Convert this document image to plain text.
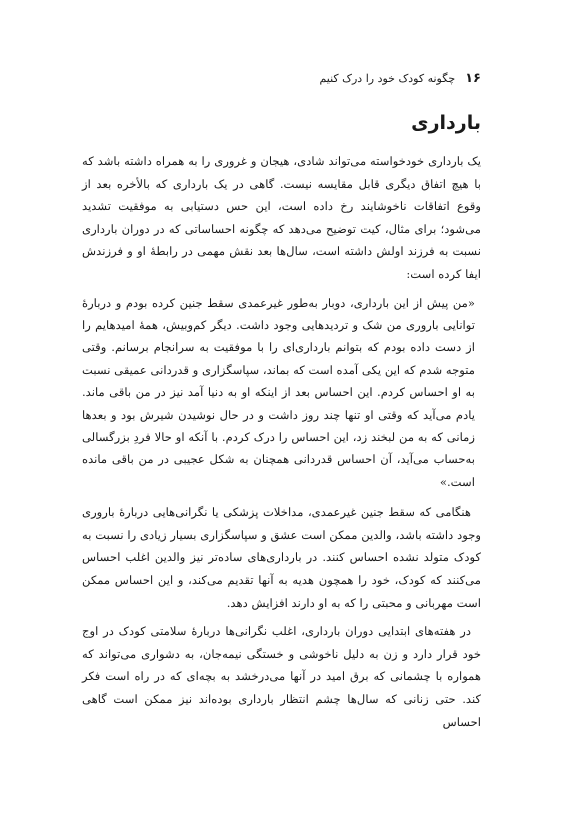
۱۶
چگونه کودک خود را درک کنیم
بارداری

یک بارداری خودخواسته می‌تواند شادی، هیجان و غروری را به همراه داشته باشد که با هیچ اتفاق دیگری قابل مقایسه نیست. گاهی در یک بارداری که بالأخره بعد از وقوع اتفاقات ناخوشایند رخ داده است، این حس دستیابی به موفقیت تشدید می‌شود؛ برای مثال، کیت توضیح می‌دهد که چگونه احساساتی که در دوران بارداری نسبت به فرزند اولش داشته است، سال‌ها بعد نقش مهمی در رابطهٔ او و فرزندش ایفا کرده است:

«من پیش از این بارداری، دوبار به‌طور غیرعمدی سقط جنین کرده بودم و دربارهٔ توانایی باروری من شک و تردیدهایی وجود داشت. دیگر کم‌وبیش، همهٔ امیدهایم را از دست داده بودم که بتوانم بارداری‌ای را با موفقیت به سرانجام برسانم. وقتی متوجه شدم که این یکی آمده است که بماند، سپاسگزاری و قدردانی عمیقی نسبت به او احساس کردم. این احساس بعد از اینکه او به دنیا آمد نیز در من باقی ماند. یادم می‌آید که وقتی او تنها چند روز داشت و در حال نوشیدن شیرش بود و بعدها زمانی که به من لبخند زد، این احساس را درک کردم. با آنکه او حالا فردِ بزرگسالی به‌حساب می‌آید، آن احساس قدردانی همچنان به شکل عجیبی در من باقی مانده است.»

هنگامی که سقط جنین غیرعمدی، مداخلات پزشکی یا نگرانی‌هایی دربارهٔ باروری وجود داشته باشد، والدین ممکن است عشق و سپاسگزاری بسیار زیادی را نسبت به کودک متولد نشده احساس کنند. در بارداری‌های ساده‌تر نیز والدین اغلب احساس می‌کنند که کودک، خود را همچون هدیه به آنها تقدیم می‌کند، و این احساس ممکن است مهربانی و محبتی را که به او دارند افزایش دهد.

در هفته‌های ابتدایی دوران بارداری، اغلب نگرانی‌ها دربارهٔ سلامتی کودک در اوج خود قرار دارد و زن به دلیل ناخوشی و خستگی نیمه‌جان، به دشواری می‌تواند که همواره با چشمانی که برق امید در آنها می‌درخشد به بچه‌ای که در راه است فکر کند. حتی زنانی که سال‌ها چشم انتظار بارداری بوده‌اند نیز ممکن است گاهی احساس
